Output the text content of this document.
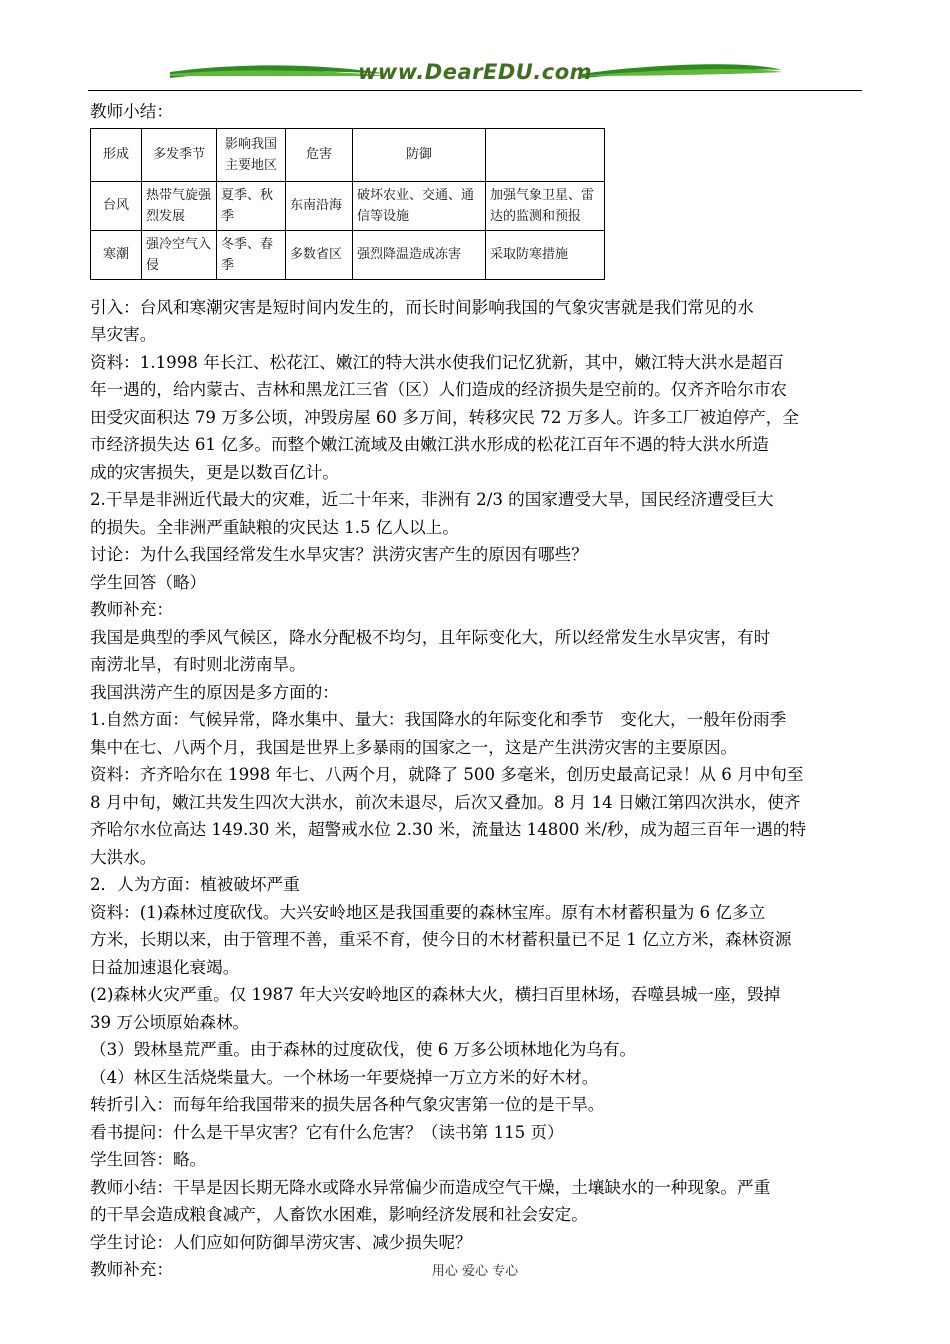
www.DearEDU.com
教师小结：
形成	多发季节	影响我国主要地区	危害	防御	
台风	热带气旋强烈发展	夏季、秋季	东南沿海	破坏农业、交通、通信等设施	加强气象卫星、雷达的监测和预报
寒潮	强冷空气入侵	冬季、春季	多数省区	强烈降温造成冻害	采取防寒措施
引入：台风和寒潮灾害是短时间内发生的，而长时间影响我国的气象灾害就是我们常见的水
旱灾害。
资料：1.1998 年长江、松花江、嫩江的特大洪水使我们记忆犹新，其中，嫩江特大洪水是超百
年一遇的，给内蒙古、吉林和黑龙江三省（区）人们造成的经济损失是空前的。仅齐齐哈尔市农
田受灾面积达 79 万多公顷，冲毁房屋 60 多万间，转移灾民 72 万多人。许多工厂被迫停产，全
市经济损失达 61 亿多。而整个嫩江流域及由嫩江洪水形成的松花江百年不遇的特大洪水所造
成的灾害损失，更是以数百亿计。
2.干旱是非洲近代最大的灾难，近二十年来，非洲有 2/3 的国家遭受大旱，国民经济遭受巨大
的损失。全非洲严重缺粮的灾民达 1.5 亿人以上。
讨论：为什么我国经常发生水旱灾害？洪涝灾害产生的原因有哪些？
学生回答（略）
教师补充：
我国是典型的季风气候区，降水分配极不均匀，且年际变化大，所以经常发生水旱灾害，有时
南涝北旱，有时则北涝南旱。
我国洪涝产生的原因是多方面的：
1.自然方面：气候异常，降水集中、量大：我国降水的年际变化和季节　变化大，一般年份雨季
集中在七、八两个月，我国是世界上多暴雨的国家之一，这是产生洪涝灾害的主要原因。
资料：齐齐哈尔在 1998 年七、八两个月，就降了 500 多毫米，创历史最高记录！从 6 月中旬至
8 月中旬，嫩江共发生四次大洪水，前次未退尽，后次又叠加。8 月 14 日嫩江第四次洪水，使齐
齐哈尔水位高达 149.30 米，超警戒水位 2.30 米，流量达 14800 米/秒，成为超三百年一遇的特
大洪水。
2．人为方面：植被破坏严重
资料：(1)森林过度砍伐。大兴安岭地区是我国重要的森林宝库。原有木材蓄积量为 6 亿多立
方米，长期以来，由于管理不善，重采不育，使今日的木材蓄积量已不足 1 亿立方米，森林资源
日益加速退化衰竭。
(2)森林火灾严重。仅 1987 年大兴安岭地区的森林大火，横扫百里林场，吞噬县城一座，毁掉
39 万公顷原始森林。
（3）毁林垦荒严重。由于森林的过度砍伐，使 6 万多公顷林地化为乌有。
（4）林区生活烧柴量大。一个林场一年要烧掉一万立方米的好木材。
转折引入：而每年给我国带来的损失居各种气象灾害第一位的是干旱。
看书提问：什么是干旱灾害？它有什么危害？（读书第 115 页）
学生回答：略。
教师小结：干旱是因长期无降水或降水异常偏少而造成空气干燥，土壤缺水的一种现象。严重
的干旱会造成粮食减产，人畜饮水困难，影响经济发展和社会安定。
学生讨论：人们应如何防御旱涝灾害、减少损失呢？
教师补充：	用心 爱心 专心
